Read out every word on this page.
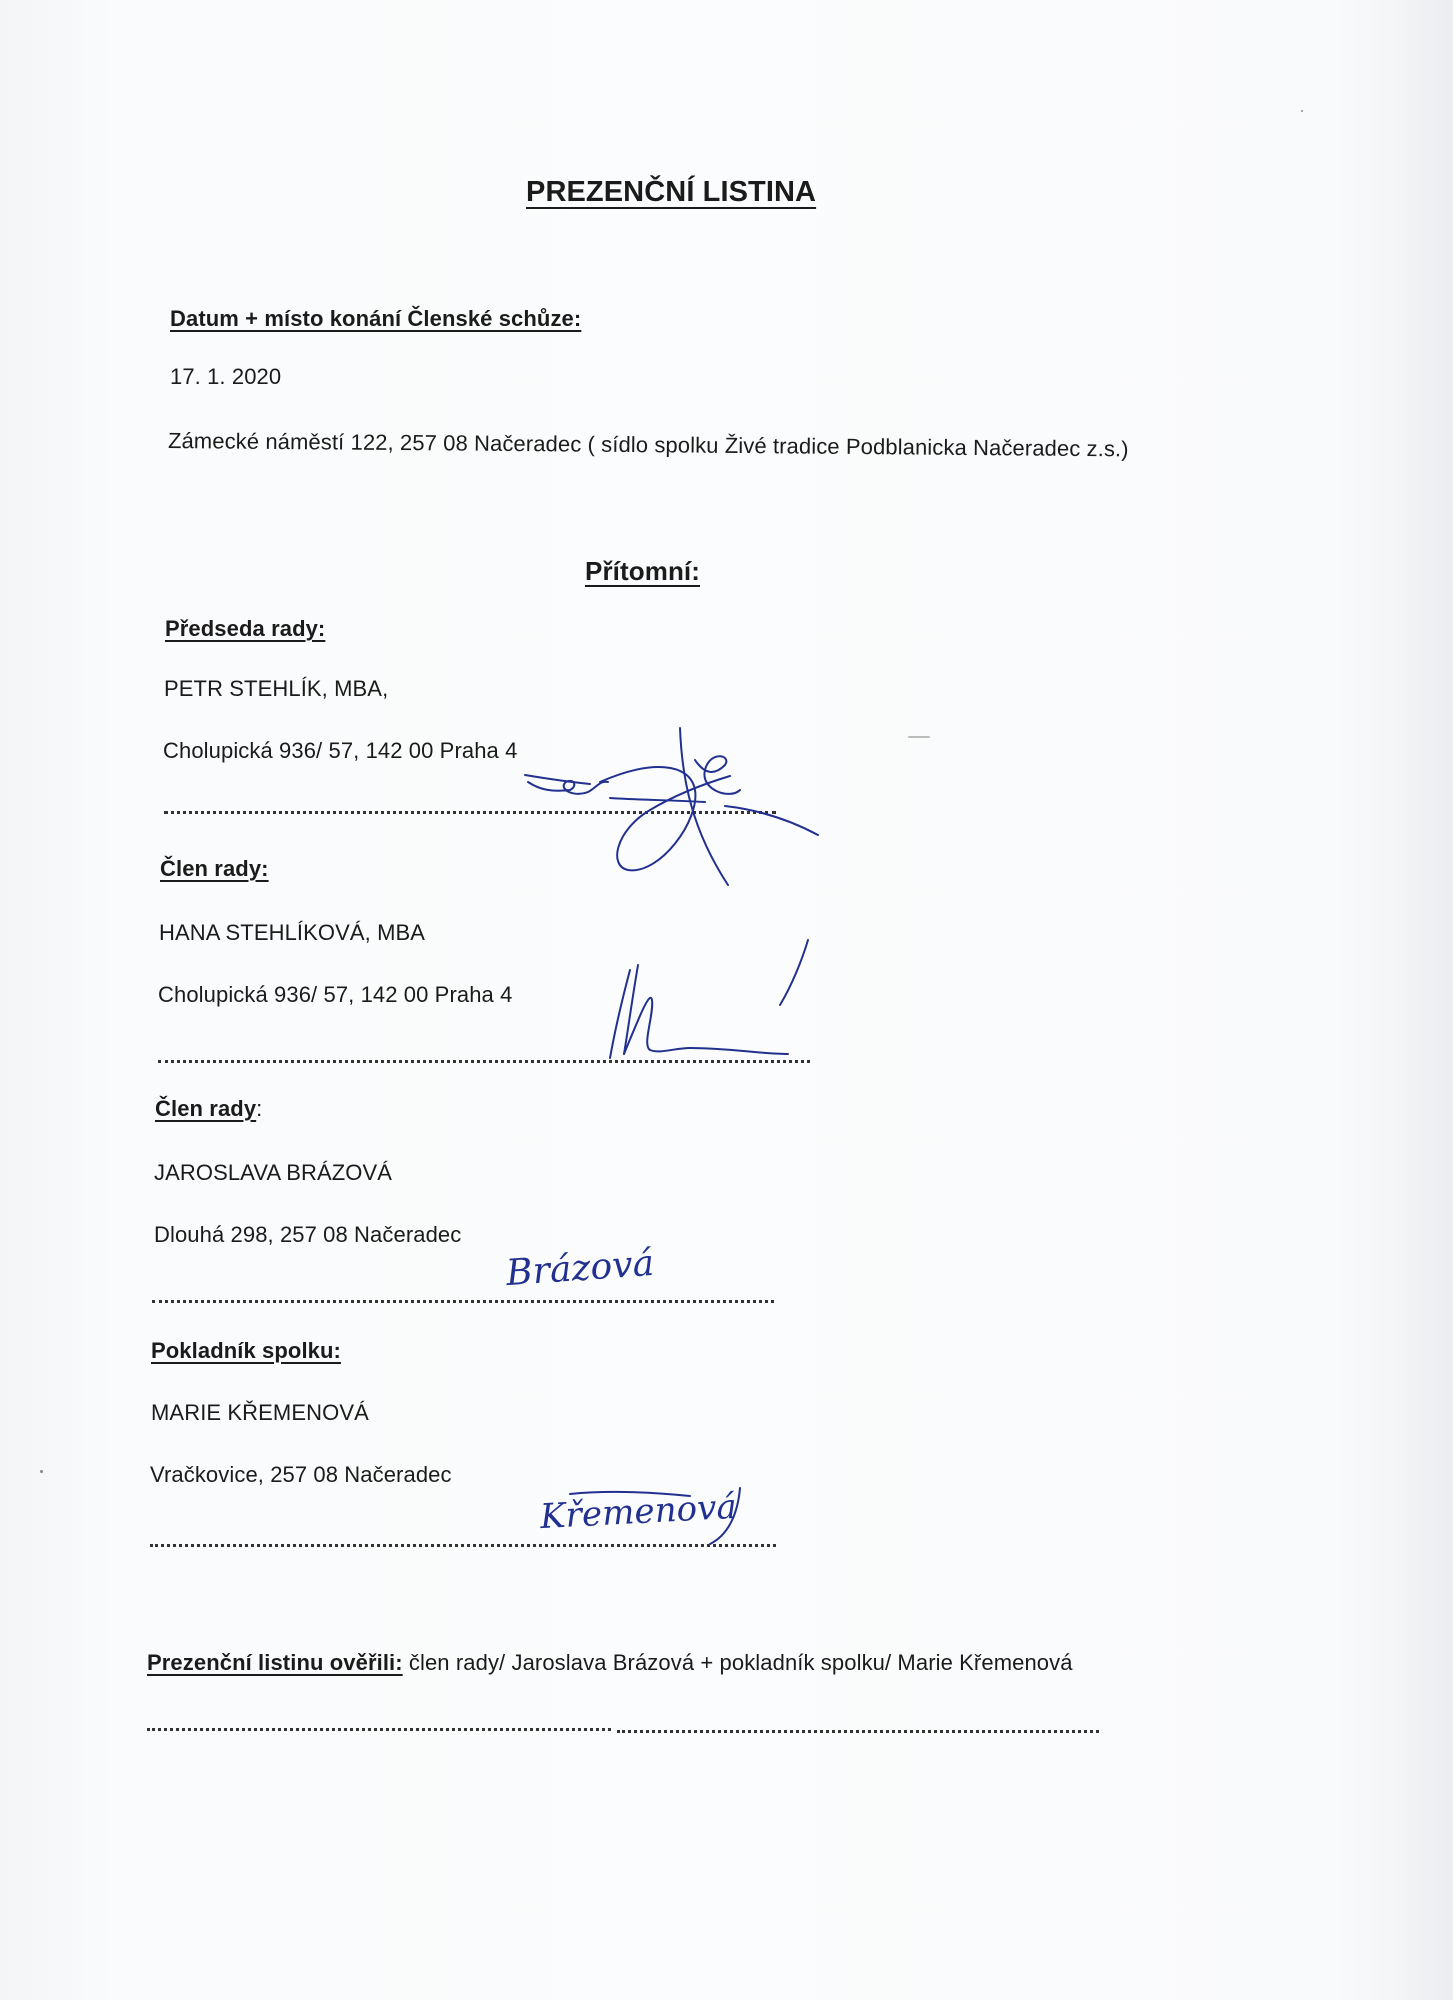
PREZENČNÍ LISTINA
Datum + místo konání Členské schůze:
17. 1. 2020
Zámecké náměstí 122, 257 08 Načeradec ( sídlo spolku Živé tradice Podblanicka Načeradec z.s.)
Přítomní:
Předseda rady:
PETR STEHLÍK, MBA,
Cholupická 936/ 57, 142 00 Praha 4
Člen rady:
HANA STEHLÍKOVÁ, MBA
Cholupická 936/ 57, 142 00 Praha 4
Člen rady:
JAROSLAVA BRÁZOVÁ
Dlouhá 298, 257 08 Načeradec
Brázová
Pokladník spolku:
MARIE KŘEMENOVÁ
Vračkovice, 257 08 Načeradec
Křemenová
Prezenční listinu ověřili: člen rady/ Jaroslava Brázová + pokladník spolku/ Marie Křemenová
